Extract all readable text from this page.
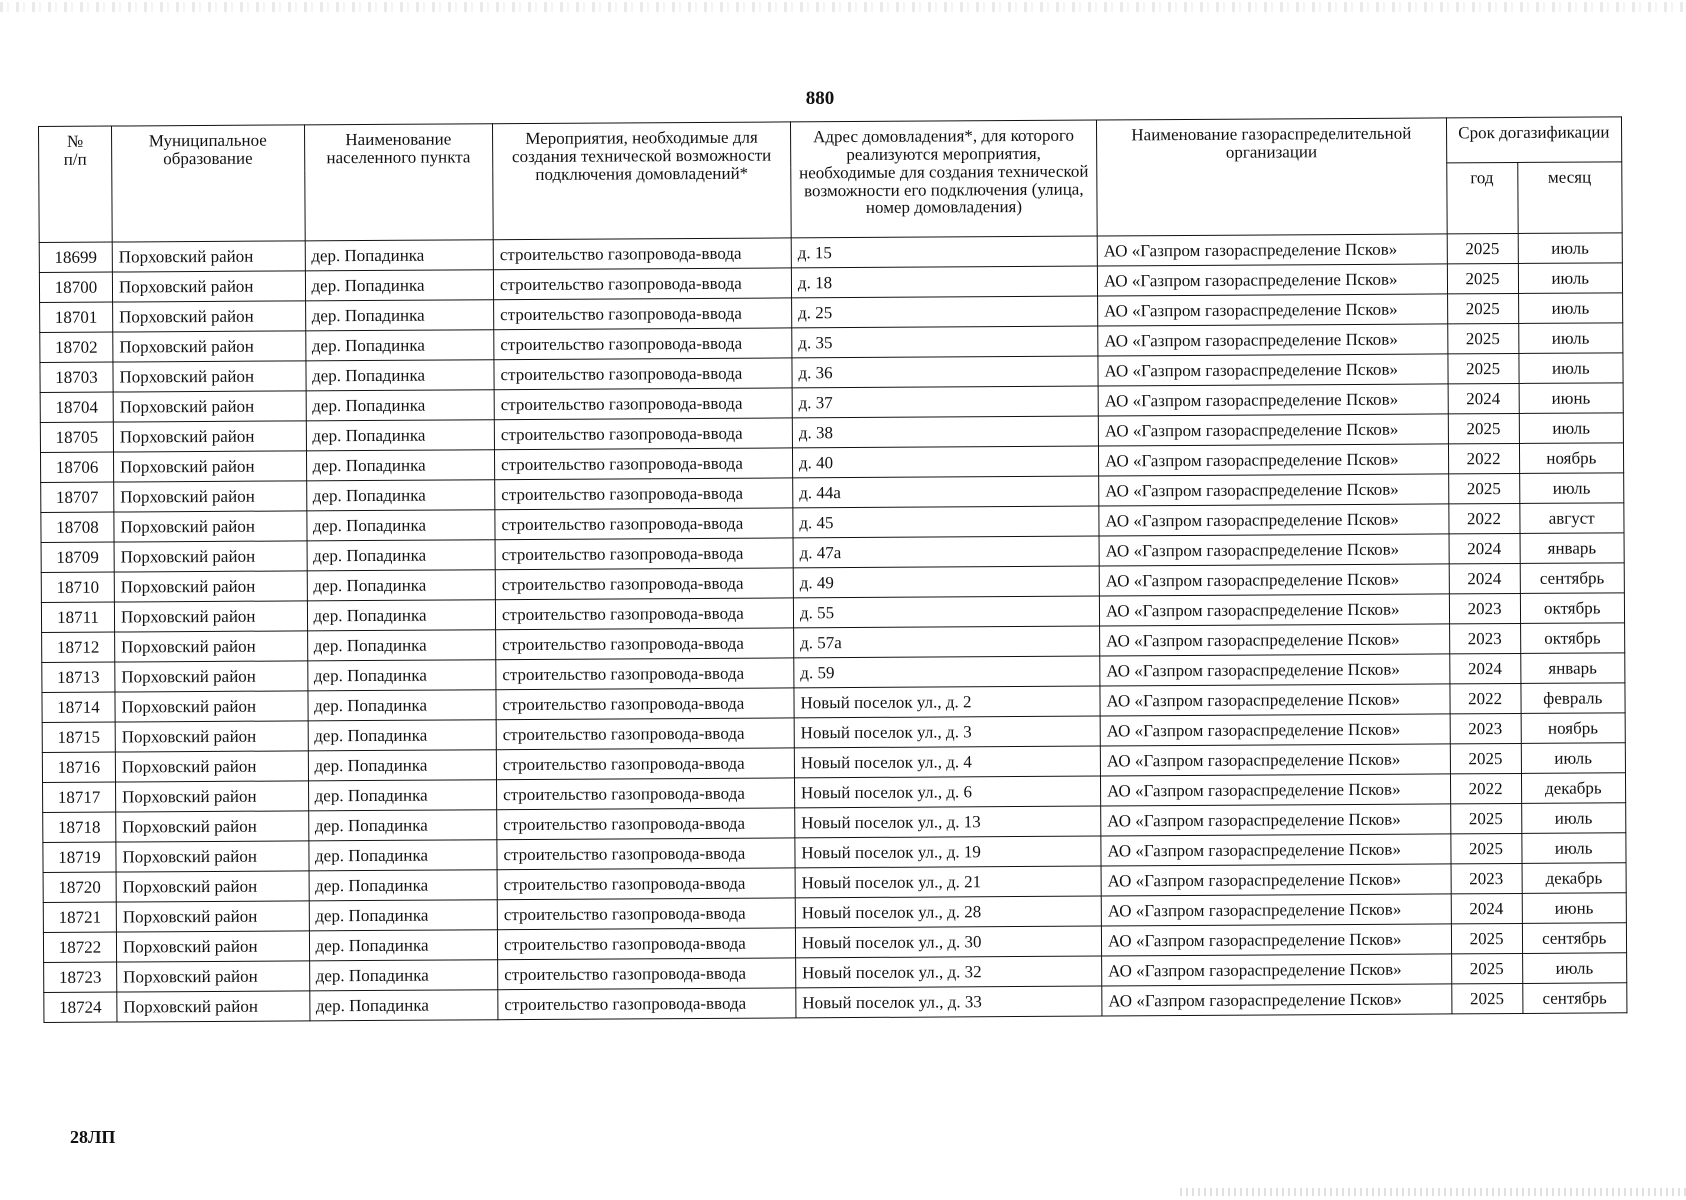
880
№
п/п	Муниципальное образование	Наименование населенного пункта	Мероприятия, необходимые для создания технической возможности подключения домовладений*	Адрес домовладения*, для которого реализуются мероприятия, необходимые для создания технической возможности его подключения (улица, номер домовладения)	Наименование газораспределительной организации	Срок догазификации	
						год	месяц
18699	Порховский район	дер. Попадинка	строительство газопровода-ввода	д. 15	АО «Газпром газораспределение Псков»	2025	июль
18700	Порховский район	дер. Попадинка	строительство газопровода-ввода	д. 18	АО «Газпром газораспределение Псков»	2025	июль
18701	Порховский район	дер. Попадинка	строительство газопровода-ввода	д. 25	АО «Газпром газораспределение Псков»	2025	июль
18702	Порховский район	дер. Попадинка	строительство газопровода-ввода	д. 35	АО «Газпром газораспределение Псков»	2025	июль
18703	Порховский район	дер. Попадинка	строительство газопровода-ввода	д. 36	АО «Газпром газораспределение Псков»	2025	июль
18704	Порховский район	дер. Попадинка	строительство газопровода-ввода	д. 37	АО «Газпром газораспределение Псков»	2024	июнь
18705	Порховский район	дер. Попадинка	строительство газопровода-ввода	д. 38	АО «Газпром газораспределение Псков»	2025	июль
18706	Порховский район	дер. Попадинка	строительство газопровода-ввода	д. 40	АО «Газпром газораспределение Псков»	2022	ноябрь
18707	Порховский район	дер. Попадинка	строительство газопровода-ввода	д. 44а	АО «Газпром газораспределение Псков»	2025	июль
18708	Порховский район	дер. Попадинка	строительство газопровода-ввода	д. 45	АО «Газпром газораспределение Псков»	2022	август
18709	Порховский район	дер. Попадинка	строительство газопровода-ввода	д. 47а	АО «Газпром газораспределение Псков»	2024	январь
18710	Порховский район	дер. Попадинка	строительство газопровода-ввода	д. 49	АО «Газпром газораспределение Псков»	2024	сентябрь
18711	Порховский район	дер. Попадинка	строительство газопровода-ввода	д. 55	АО «Газпром газораспределение Псков»	2023	октябрь
18712	Порховский район	дер. Попадинка	строительство газопровода-ввода	д. 57а	АО «Газпром газораспределение Псков»	2023	октябрь
18713	Порховский район	дер. Попадинка	строительство газопровода-ввода	д. 59	АО «Газпром газораспределение Псков»	2024	январь
18714	Порховский район	дер. Попадинка	строительство газопровода-ввода	Новый поселок ул., д. 2	АО «Газпром газораспределение Псков»	2022	февраль
18715	Порховский район	дер. Попадинка	строительство газопровода-ввода	Новый поселок ул., д. 3	АО «Газпром газораспределение Псков»	2023	ноябрь
18716	Порховский район	дер. Попадинка	строительство газопровода-ввода	Новый поселок ул., д. 4	АО «Газпром газораспределение Псков»	2025	июль
18717	Порховский район	дер. Попадинка	строительство газопровода-ввода	Новый поселок ул., д. 6	АО «Газпром газораспределение Псков»	2022	декабрь
18718	Порховский район	дер. Попадинка	строительство газопровода-ввода	Новый поселок ул., д. 13	АО «Газпром газораспределение Псков»	2025	июль
18719	Порховский район	дер. Попадинка	строительство газопровода-ввода	Новый поселок ул., д. 19	АО «Газпром газораспределение Псков»	2025	июль
18720	Порховский район	дер. Попадинка	строительство газопровода-ввода	Новый поселок ул., д. 21	АО «Газпром газораспределение Псков»	2023	декабрь
18721	Порховский район	дер. Попадинка	строительство газопровода-ввода	Новый поселок ул., д. 28	АО «Газпром газораспределение Псков»	2024	июнь
18722	Порховский район	дер. Попадинка	строительство газопровода-ввода	Новый поселок ул., д. 30	АО «Газпром газораспределение Псков»	2025	сентябрь
18723	Порховский район	дер. Попадинка	строительство газопровода-ввода	Новый поселок ул., д. 32	АО «Газпром газораспределение Псков»	2025	июль
18724	Порховский район	дер. Попадинка	строительство газопровода-ввода	Новый поселок ул., д. 33	АО «Газпром газораспределение Псков»	2025	сентябрь
28ЛП
